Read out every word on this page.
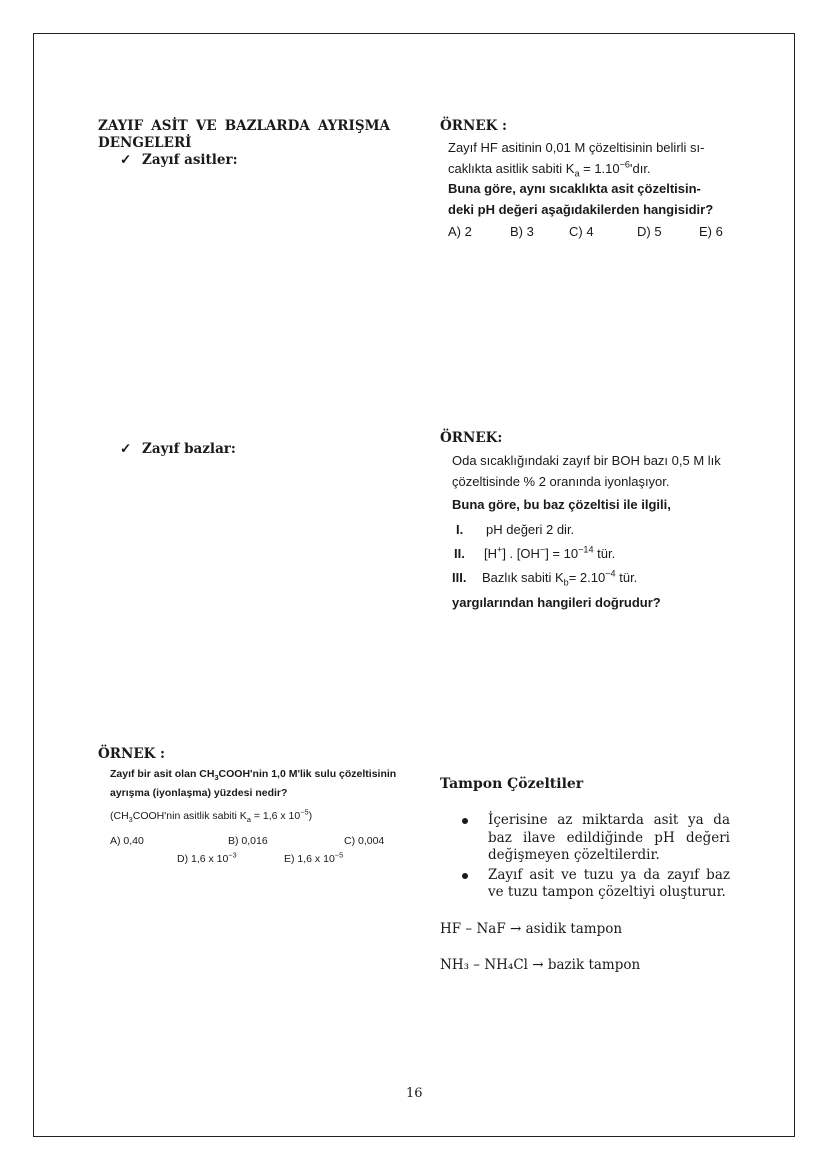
ZAYIF ASİT VE BAZLARDA AYRIŞMA
DENGELERİ
✓ Zayıf asitler:
✓ Zayıf bazlar:
ÖRNEK :
Zayıf HF asitinin 0,01 M çözeltisinin belirli sı-
caklıkta asitlik sabiti $K_a$ = $1.10^{-6}'dır$.
Buna göre, aynı sıcaklıkta asit çözeltisin-
deki pH değeri aşağıdakilerden hangisidir?
A) 2	B) 3	C) 4	D) 5	E) 6
ÖRNEK:
Oda sıcaklığındaki zayıf bir BOH bazı 0,5 M lık
çözeltisinde % 2 oranında iyonlaşıyor.
Buna göre, bu baz çözeltisi ile ilgili,
I. pH değeri 2 dir.
II. [H+] . $[OH^-] = 10^{-14}$ tür.
III. Bazlık sabiti $K_b= 2.10^{-4}$ tür.
yargılarından hangileri doğrudur?
ÖRNEK :
Zayıf bir asit olan $CH_3COOH'nin$ 1,0 M'lik sulu çözeltisinin
ayrışma (iyonlaşma) yüzdesi nedir?
($CH_3COOH'nin$ asitlik sabiti $K_a = 1,6$ x $10^{-5}$)
A) 0,40	B) 0,016	C) 0,004
D) 1,6 x $10^{-3}$	E) 1,6 x $10^{-5}$
Tampon Çözeltiler
İçerisine az miktarda asit ya da baz ilave edildiğinde pH değeri değişmeyen çözeltilerdir.
Zayıf asit ve tuzu ya da zayıf baz ve tuzu tampon çözeltiyi oluşturur.
HF – NaF → asidik tampon
NH₃ – NH₄Cl → bazik tampon
16
